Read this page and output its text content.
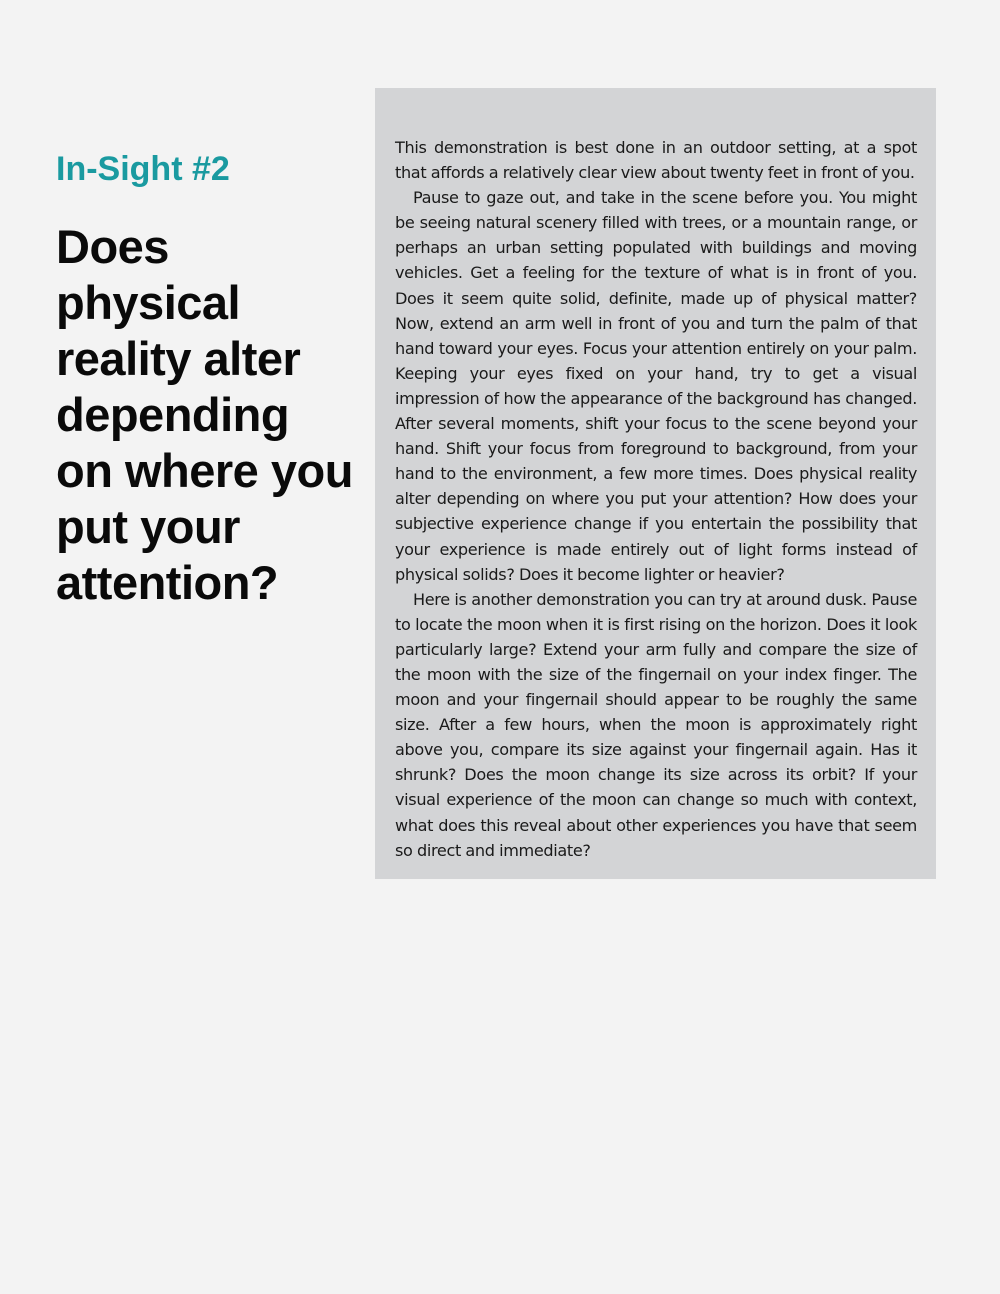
In-Sight #2
Does physical reality alter depending on where you put your attention?

This demonstration is best done in an outdoor setting, at a spot that affords a relatively clear view about twenty feet in front of you.

Pause to gaze out, and take in the scene before you. You might be seeing natural scenery filled with trees, or a mountain range, or perhaps an urban setting populated with buildings and moving vehicles. Get a feeling for the texture of what is in front of you. Does it seem quite solid, definite, made up of physical matter? Now, extend an arm well in front of you and turn the palm of that hand toward your eyes. Focus your attention entirely on your palm. Keeping your eyes fixed on your hand, try to get a visual impression of how the appearance of the background has changed. After several moments, shift your focus to the scene beyond your hand. Shift your focus from foreground to background, from your hand to the environment, a few more times. Does physical reality alter depending on where you put your attention? How does your subjective experience change if you entertain the possibility that your experience is made entirely out of light forms instead of physical solids? Does it become lighter or heavier?

Here is another demonstration you can try at around dusk. Pause to locate the moon when it is first rising on the horizon. Does it look particularly large? Extend your arm fully and compare the size of the moon with the size of the fingernail on your index finger. The moon and your fingernail should appear to be roughly the same size. After a few hours, when the moon is approximately right above you, compare its size against your fingernail again. Has it shrunk? Does the moon change its size across its orbit? If your visual experience of the moon can change so much with context, what does this reveal about other experiences you have that seem so direct and immediate?
